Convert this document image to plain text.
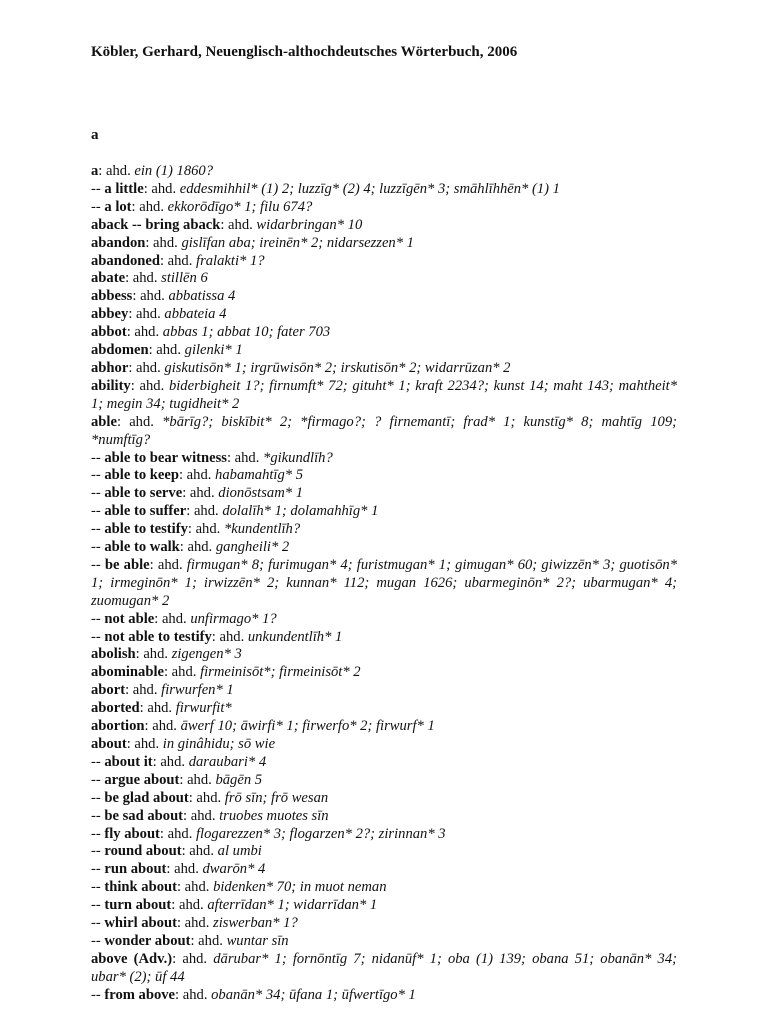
Köbler, Gerhard, Neuenglisch-althochdeutsches Wörterbuch, 2006
a
a: ahd. ein (1) 1860?
-- a little: ahd. eddesmihhil* (1) 2; luzzīg* (2) 4; luzzīgēn* 3; smāhlīhhēn* (1) 1
-- a lot: ahd. ekkorōdīgo* 1; filu 674?
aback -- bring aback: ahd. widarbringan* 10
abandon: ahd. gislīfan aba; ireinēn* 2; nidarsezzen* 1
abandoned: ahd. fralakti* 1?
abate: ahd. stillēn 6
abbess: ahd. abbatissa 4
abbey: ahd. abbateia 4
abbot: ahd. abbas 1; abbat 10; fater 703
abdomen: ahd. gilenki* 1
abhor: ahd. giskutisōn* 1; irgrūwisōn* 2; irskutisōn* 2; widarrūzan* 2
ability: ahd. biderbigheit 1?; firnumft* 72; gituht* 1; kraft 2234?; kunst 14; maht 143; mahtheit* 1; megin 34; tugidheit* 2
able: ahd. *bārīg?; biskībit* 2; *firmago?; ? firnemantī; frad* 1; kunstīg* 8; mahtīg 109; *numftīg?
-- able to bear witness: ahd. *gikundlīh?
-- able to keep: ahd. habamahtīg* 5
-- able to serve: ahd. dionōstsam* 1
-- able to suffer: ahd. dolalīh* 1; dolamahhīg* 1
-- able to testify: ahd. *kundentlīh?
-- able to walk: ahd. gangheili* 2
-- be able: ahd. firmugan* 8; furimugan* 4; furistmugan* 1; gimugan* 60; giwizzēn* 3; guotisōn* 1; irmeginōn* 1; irwizzēn* 2; kunnan* 112; mugan 1626; ubarmeginōn* 2?; ubarmugan* 4; zuomugan* 2
-- not able: ahd. unfirmago* 1?
-- not able to testify: ahd. unkundentlīh* 1
abolish: ahd. zigengen* 3
abominable: ahd. firmeinisōt*; firmeinisōt* 2
abort: ahd. firwurfen* 1
aborted: ahd. firwurfit*
abortion: ahd. āwerf 10; āwirfi* 1; firwerfo* 2; firwurf* 1
about: ahd. in ginâhidu; sō wie
-- about it: ahd. daraubari* 4
-- argue about: ahd. bāgēn 5
-- be glad about: ahd. frō sīn; frō wesan
-- be sad about: ahd. truobes muotes sīn
-- fly about: ahd. flogarezzen* 3; flogarzen* 2?; zirinnan* 3
-- round about: ahd. al umbi
-- run about: ahd. dwarōn* 4
-- think about: ahd. bidenken* 70; in muot neman
-- turn about: ahd. afterrīdan* 1; widarrīdan* 1
-- whirl about: ahd. ziswerban* 1?
-- wonder about: ahd. wuntar sīn
above (Adv.): ahd. dārubar* 1; fornōntīg 7; nidanūf* 1; oba (1) 139; obana 51; obanān* 34; ubar* (2); ūf 44
-- from above: ahd. obanān* 34; ūfana 1; ūfwertīgo* 1
